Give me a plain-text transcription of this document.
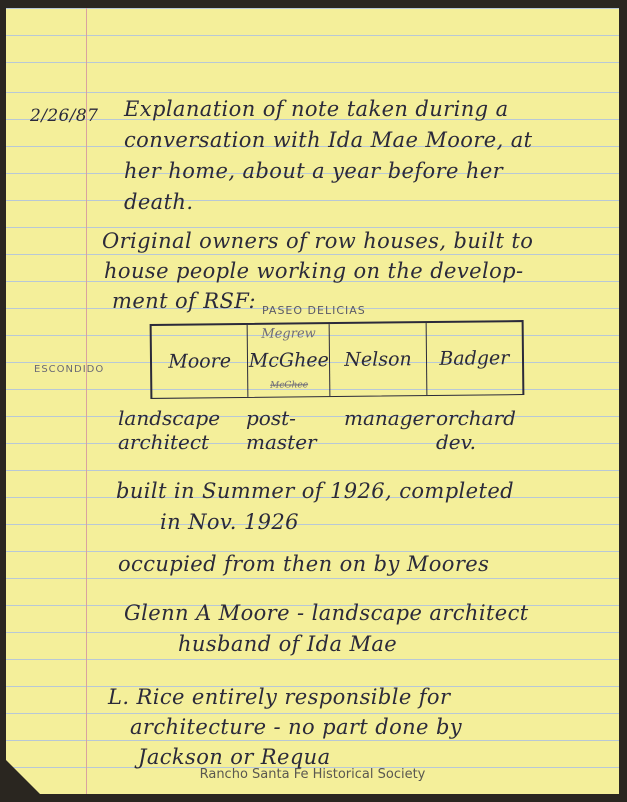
2/26/87 Explanation of note taken during a
conversation with Ida Mae Moore, at
her home, about a year before her
death.
Original owners of row houses, built to
house people working on the develop-
ment of RSF: PASEO DELICIAS
ESCONDIDO	Moore
Megrew
McGhee
McGhee
Nelson Badger
landscape
architect
post-
master
manager orchard
dev.
built in Summer of 1926, completed
in Nov. 1926
occupied from then on by Moores
Glenn A Moore - landscape architect
husband of Ida Mae
L. Rice entirely responsible for
architecture - no part done by
Jackson or Requa
Rancho Santa Fe Historical Society
